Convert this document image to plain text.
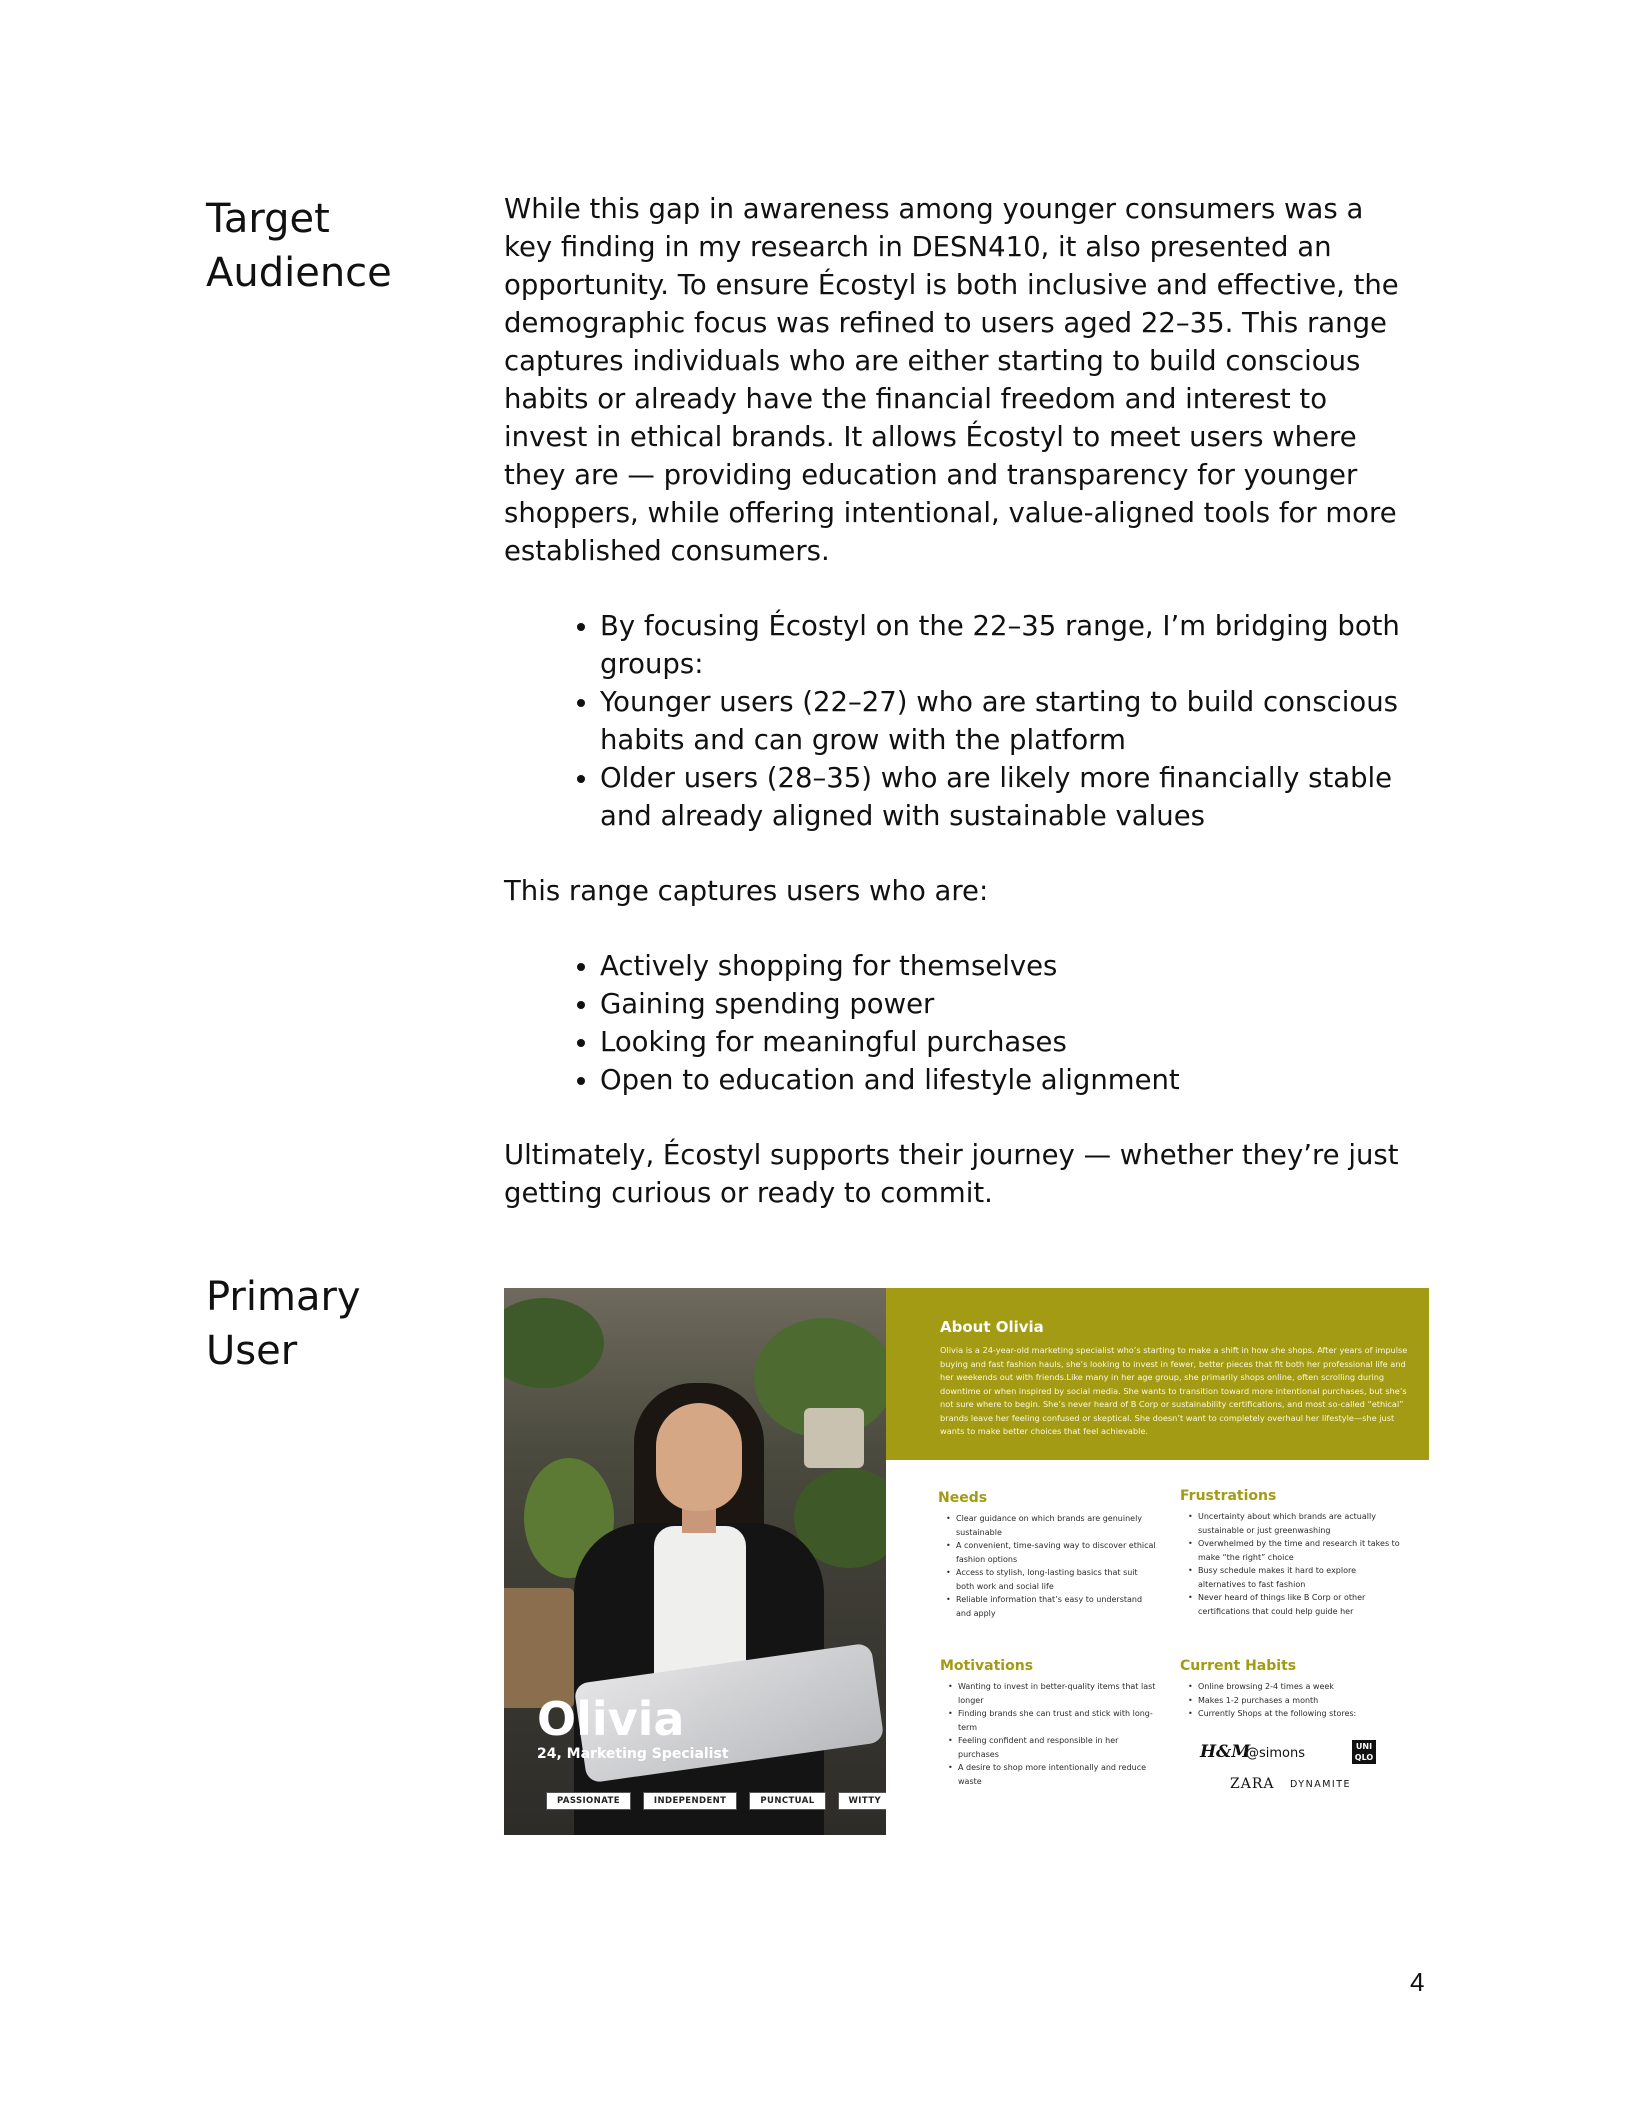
Target Audience

While this gap in awareness among younger consumers was a key finding in my research in DESN410, it also presented an opportunity. To ensure Écostyl is both inclusive and effective, the demographic focus was refined to users aged 22–35. This range captures individuals who are either starting to build conscious habits or already have the financial freedom and interest to invest in ethical brands. It allows Écostyl to meet users where they are — providing education and transparency for younger shoppers, while offering intentional, value-aligned tools for more established consumers.

• By focusing Écostyl on the 22–35 range, I’m bridging both groups:
• Younger users (22–27) who are starting to build conscious habits and can grow with the platform
• Older users (28–35) who are likely more financially stable and already aligned with sustainable values

This range captures users who are:

• Actively shopping for themselves
• Gaining spending power
• Looking for meaningful purchases
• Open to education and lifestyle alignment

Ultimately, Écostyl supports their journey — whether they’re just getting curious or ready to commit.

Primary User

Olivia

24, Marketing Specialist

PASSIONATE	INDEPENDENT	PUNCTUAL	WITTY
About Olivia

Olivia is a 24-year-old marketing specialist who’s starting to make a shift in how she shops. After years of impulse buying and fast fashion hauls, she’s looking to invest in fewer, better pieces that fit both her professional life and her weekends out with friends.Like many in her age group, she primarily shops online, often scrolling during downtime or when inspired by social media. She wants to transition toward more intentional purchases, but she’s not sure where to begin. She’s never heard of B Corp or sustainability certifications, and most so-called “ethical” brands leave her feeling confused or skeptical. She doesn’t want to completely overhaul her lifestyle—she just wants to make better choices that feel achievable.

Needs
• Clear guidance on which brands are genuinely sustainable
• A convenient, time-saving way to discover ethical fashion options
• Access to stylish, long-lasting basics that suit both work and social life
• Reliable information that’s easy to understand and apply
Frustrations
• Uncertainty about which brands are actually sustainable or just greenwashing
• Overwhelmed by the time and research it takes to make “the right” choice
• Busy schedule makes it hard to explore alternatives to fast fashion
• Never heard of things like B Corp or other certifications that could help guide her
Motivations
• Wanting to invest in better-quality items that last longer
• Finding brands she can trust and stick with long-term
• Feeling confident and responsible in her purchases
• A desire to shop more intentionally and reduce waste
Current Habits
• Online browsing 2-4 times a week
• Makes 1-2 purchases a month
• Currently Shops at the following stores:
H&M
@simons	UNI QLO
ZARA DYNAMITE

4
